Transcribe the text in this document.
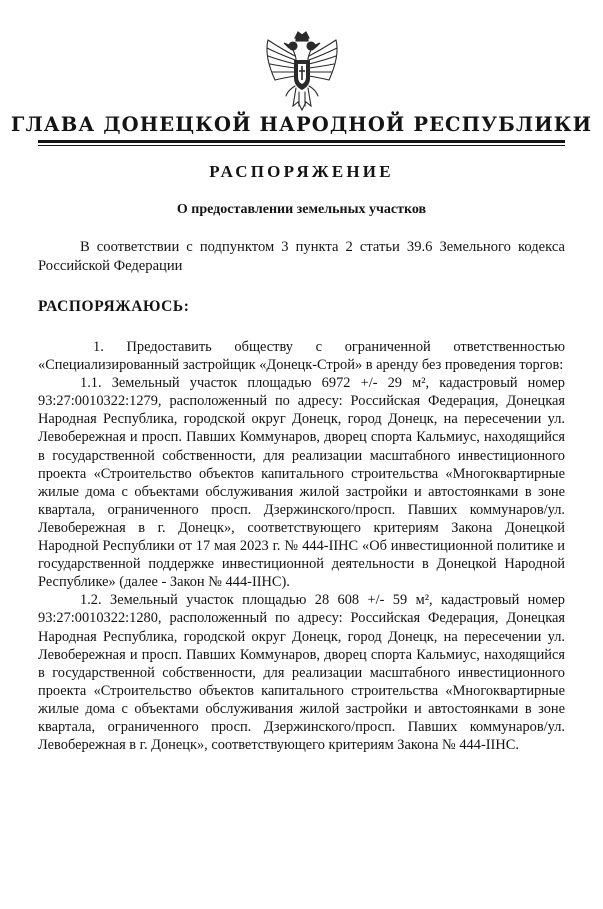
ГЛАВА ДОНЕЦКОЙ НАРОДНОЙ РЕСПУБЛИКИ
РАСПОРЯЖЕНИЕ
О предоставлении земельных участков

В соответствии с подпунктом 3 пункта 2 статьи 39.6 Земельного кодекса Российской Федерации

РАСПОРЯЖАЮСЬ:

1. Предоставить обществу с ограниченной ответственностью «Специализированный застройщик «Донецк-Строй» в аренду без проведения торгов:

1.1. Земельный участок площадью 6972 +/- 29 м², кадастровый номер 93:27:0010322:1279, расположенный по адресу: Российская Федерация, Донецкая Народная Республика, городской округ Донецк, город Донецк, на пересечении ул. Левобережная и просп. Павших Коммунаров, дворец спорта Кальмиус, находящийся в государственной собственности, для реализации масштабного инвестиционного проекта «Строительство объектов капитального строительства «Многоквартирные жилые дома с объектами обслуживания жилой застройки и автостоянками в зоне квартала, ограниченного просп. Дзержинского/просп. Павших коммунаров/ул. Левобережная в г. Донецк», соответствующего критериям Закона Донецкой Народной Республики от 17 мая 2023 г. № 444-IIНС «Об инвестиционной политике и государственной поддержке инвестиционной деятельности в Донецкой Народной Республике» (далее - Закон № 444-IIНС).

1.2. Земельный участок площадью 28 608 +/- 59 м², кадастровый номер 93:27:0010322:1280, расположенный по адресу: Российская Федерация, Донецкая Народная Республика, городской округ Донецк, город Донецк, на пересечении ул. Левобережная и просп. Павших Коммунаров, дворец спорта Кальмиус, находящийся в государственной собственности, для реализации масштабного инвестиционного проекта «Строительство объектов капитального строительства «Многоквартирные жилые дома с объектами обслуживания жилой застройки и автостоянками в зоне квартала, ограниченного просп. Дзержинского/просп. Павших коммунаров/ул. Левобережная в г. Донецк», соответствующего критериям Закона № 444-IIНС.
